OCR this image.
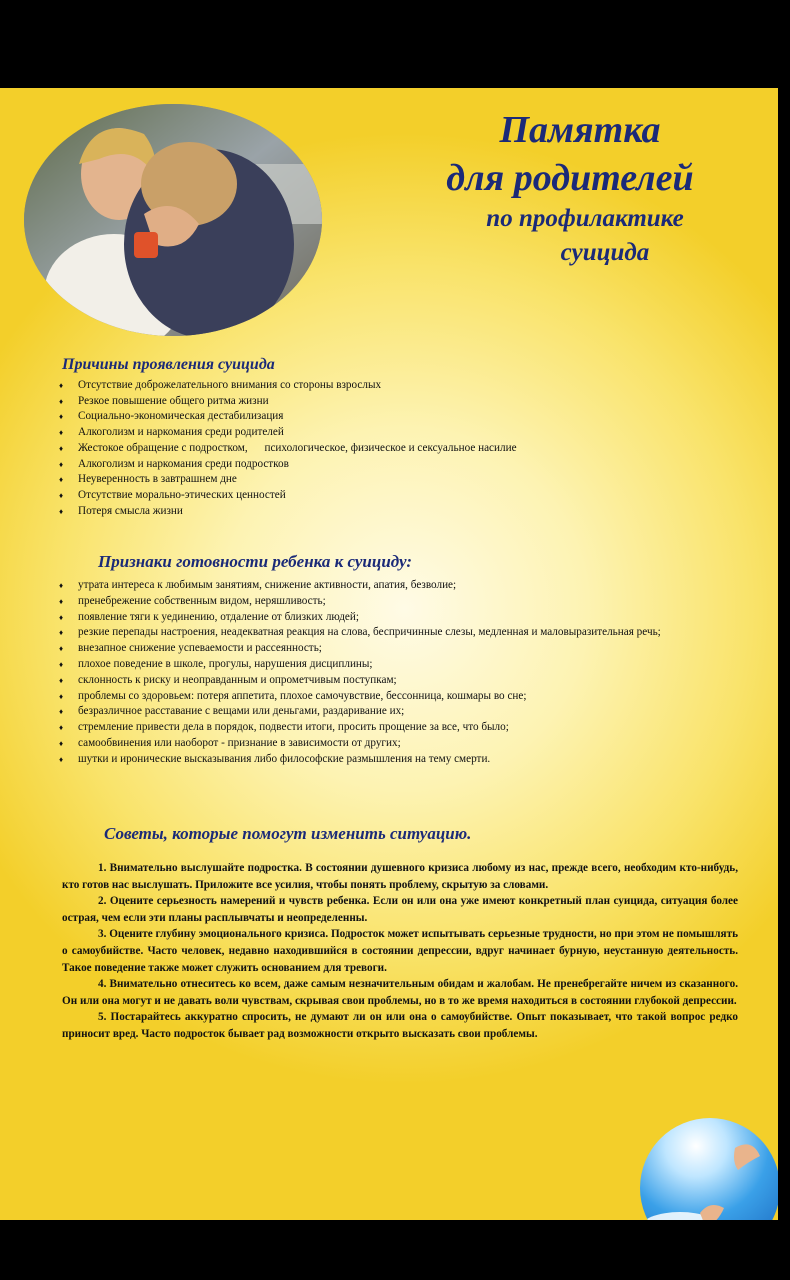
Памятка
для родителей
по профилактике
суицида
Причины проявления суицида
♦ Отсутствие доброжелательного внимания со стороны взрослых
♦ Резкое повышение общего ритма жизни
♦ Социально-экономическая дестабилизация
♦ Алкоголизм и наркомания среди родителей
♦ Жестокое обращение с подростком,      психологическое, физическое и сексуальное насилие
♦ Алкоголизм и наркомания среди подростков
♦ Неуверенность в завтрашнем дне
♦ Отсутствие морально-этических ценностей
♦ Потеря смысла жизни
Признаки готовности ребенка к суициду:
♦ утрата интереса к любимым занятиям, снижение активности, апатия, безволие;
♦ пренебрежение собственным видом, неряшливость;
♦ появление тяги к уединению, отдаление от близких людей;
♦ резкие перепады настроения, неадекватная реакция на слова, беспричинные слезы, медленная и маловыразительная речь;
♦ внезапное снижение успеваемости и рассеянность;
♦ плохое поведение в школе, прогулы, нарушения дисциплины;
♦ склонность к риску и неоправданным и опрометчивым поступкам;
♦ проблемы со здоровьем: потеря аппетита, плохое самочувствие, бессонница, кошмары во сне;
♦ безразличное расставание с вещами или деньгами, раздаривание их;
♦ стремление привести дела в порядок, подвести итоги, просить прощение за все, что было;
♦ самообвинения или наоборот - признание в зависимости от других;
♦ шутки и иронические высказывания либо философские размышления на тему смерти.
Советы, которые помогут изменить ситуацию.

1. Внимательно выслушайте подростка. В состоянии душевного кризиса любому из нас, прежде всего, необходим кто-нибудь, кто готов нас выслушать. Приложите все усилия, чтобы понять проблему, скрытую за словами.

2. Оцените серьезность намерений и чувств ребенка. Если он или она уже имеют конкретный план суицида, ситуация более острая, чем если эти планы расплывчаты и неопределенны.

3. Оцените глубину эмоционального кризиса. Подросток может испытывать серьезные трудности, но при этом не помышлять о самоубийстве. Часто человек, недавно находившийся в состоянии депрессии, вдруг начинает бурную, неустанную деятельность. Такое поведение также может служить основанием для тревоги.

4. Внимательно отнеситесь ко всем, даже самым незначительным обидам и жалобам. Не пренебрегайте ничем из сказанного. Он или она могут и не давать воли чувствам, скрывая свои проблемы, но в то же время находиться в состоянии глубокой депрессии.

5. Постарайтесь аккуратно спросить, не думают ли он или она о самоубийстве. Опыт показывает, что такой вопрос редко приносит вред. Часто подросток бывает рад возможности открыто высказать свои проблемы.
